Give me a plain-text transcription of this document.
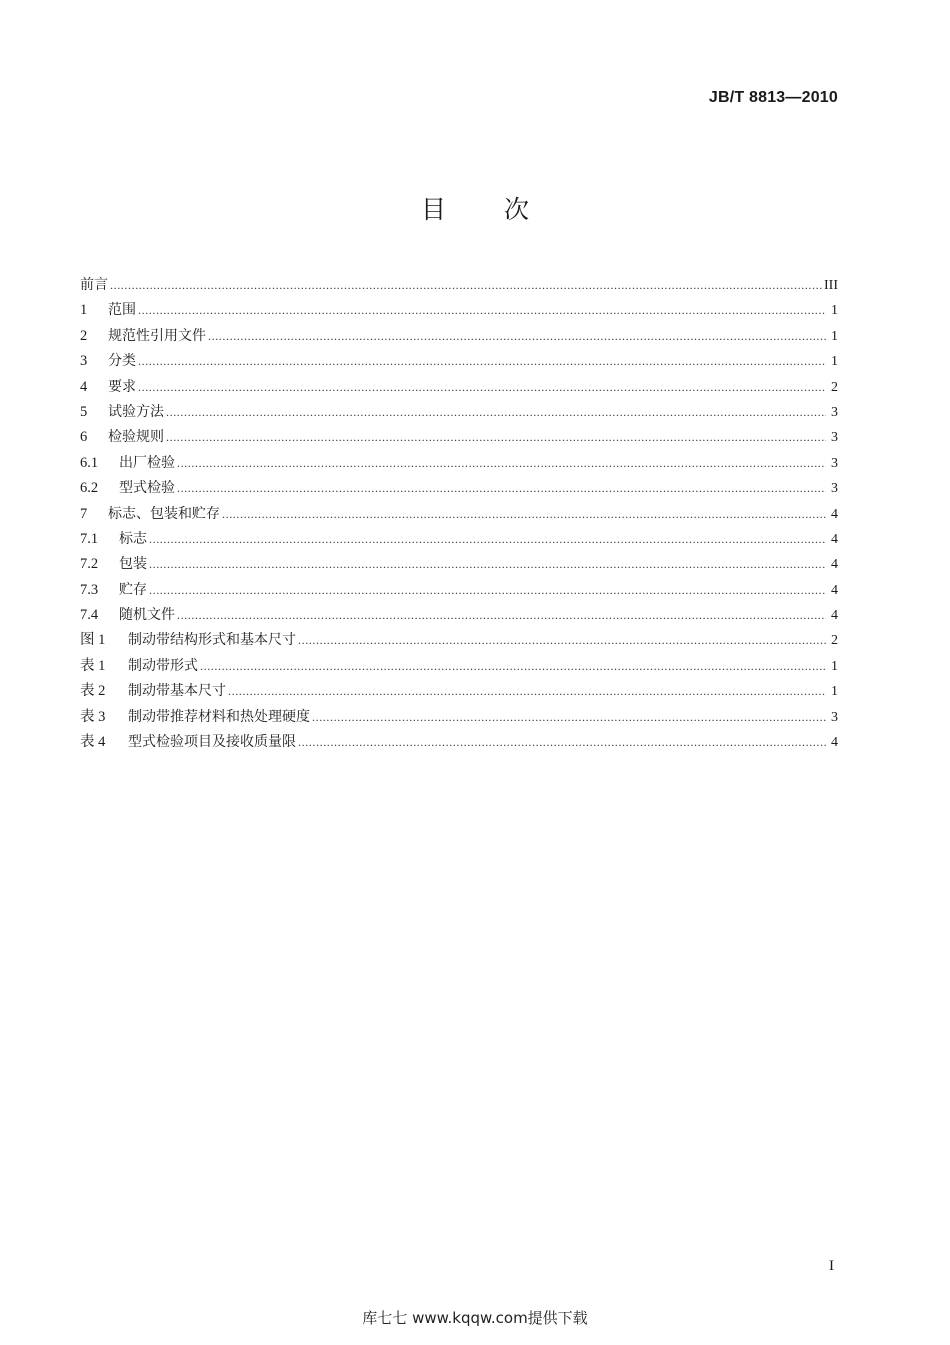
JB/T 8813—2010
目 次
前言 .....	III
1	范围 .....	1
2	规范性引用文件 .....	1
3	分类 .....	1
4	要求 .....	2
5	试验方法 .....	3
6	检验规则 .....	3
6.1	出厂检验 .....	3
6.2	型式检验 .....	3
7	标志、包装和贮存 .....	4
7.1	标志 .....	4
7.2	包装 .....	4
7.3	贮存 .....	4
7.4	随机文件 .....	4
图 1	制动带结构形式和基本尺寸 .....	2
表 1	制动带形式 .....	1
表 2	制动带基本尺寸 .....	1
表 3	制动带推荐材料和热处理硬度 .....	3
表 4	型式检验项目及接收质量限 .....	4
I
库七七 www.kqqw.com提供下载
